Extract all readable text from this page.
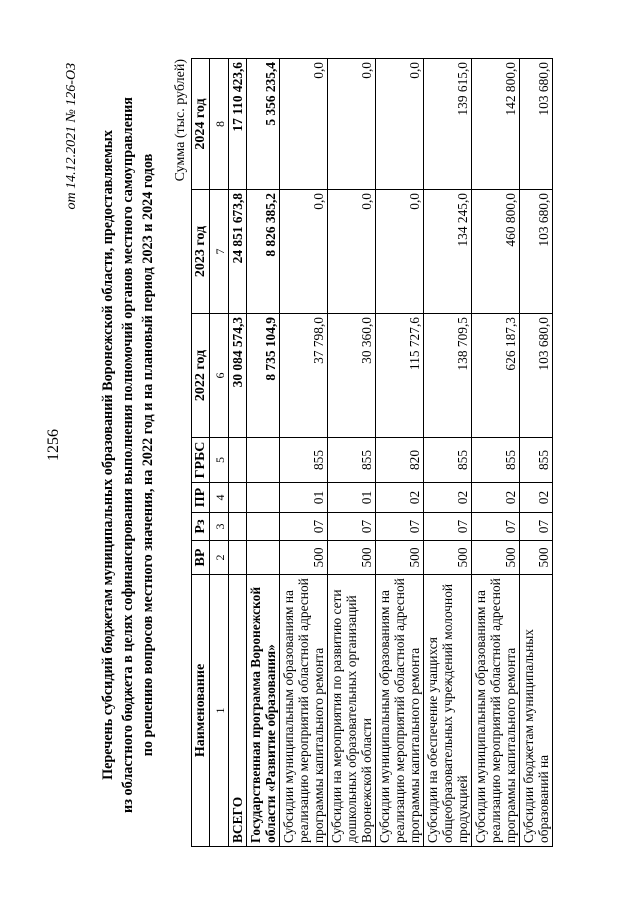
1256
от 14.12.2021 № 126-ОЗ Перечень субсидий бюджетам муниципальных образований Воронежской области, предоставляемых из областного бюджета в целях софинансирования выполнения полномочий органов местного самоуправления по решению вопросов местного значения, на 2022 год и на плановый период 2023 и 2024 годов
Сумма (тыс. рублей)
Наименование	ВР	Рз	ПР	ГРБС	2022 год	2023 год	2024 год
1	2	3	4	5	6	7	8
ВСЕГО					30 084 574,3	24 851 673,8	17 110 423,6
Государственная программа Воронежской области «Развитие образования»					8 735 104,9	8 826 385,2	5 356 235,4
Субсидии муниципальным образованиям на реализацию мероприятий областной адресной программы капитального ремонта	500	07	01	855	37 798,0	0,0	0,0
Субсидии на мероприятия по развитию сети дошкольных образовательных организаций Воронежской области	500	07	01	855	30 360,0	0,0	0,0
Субсидии муниципальным образованиям на реализацию мероприятий областной адресной программы капитального ремонта	500	07	02	820	115 727,6	0,0	0,0
Субсидии на обеспечение учащихся общеобразовательных учреждений молочной продукцией	500	07	02	855	138 709,5	134 245,0	139 615,0
Субсидии муниципальным образованиям на реализацию мероприятий областной адресной программы капитального ремонта	500	07	02	855	626 187,3	460 800,0	142 800,0
Субсидии бюджетам муниципальных образований на	500	07	02	855	103 680,0	103 680,0	103 680,0
